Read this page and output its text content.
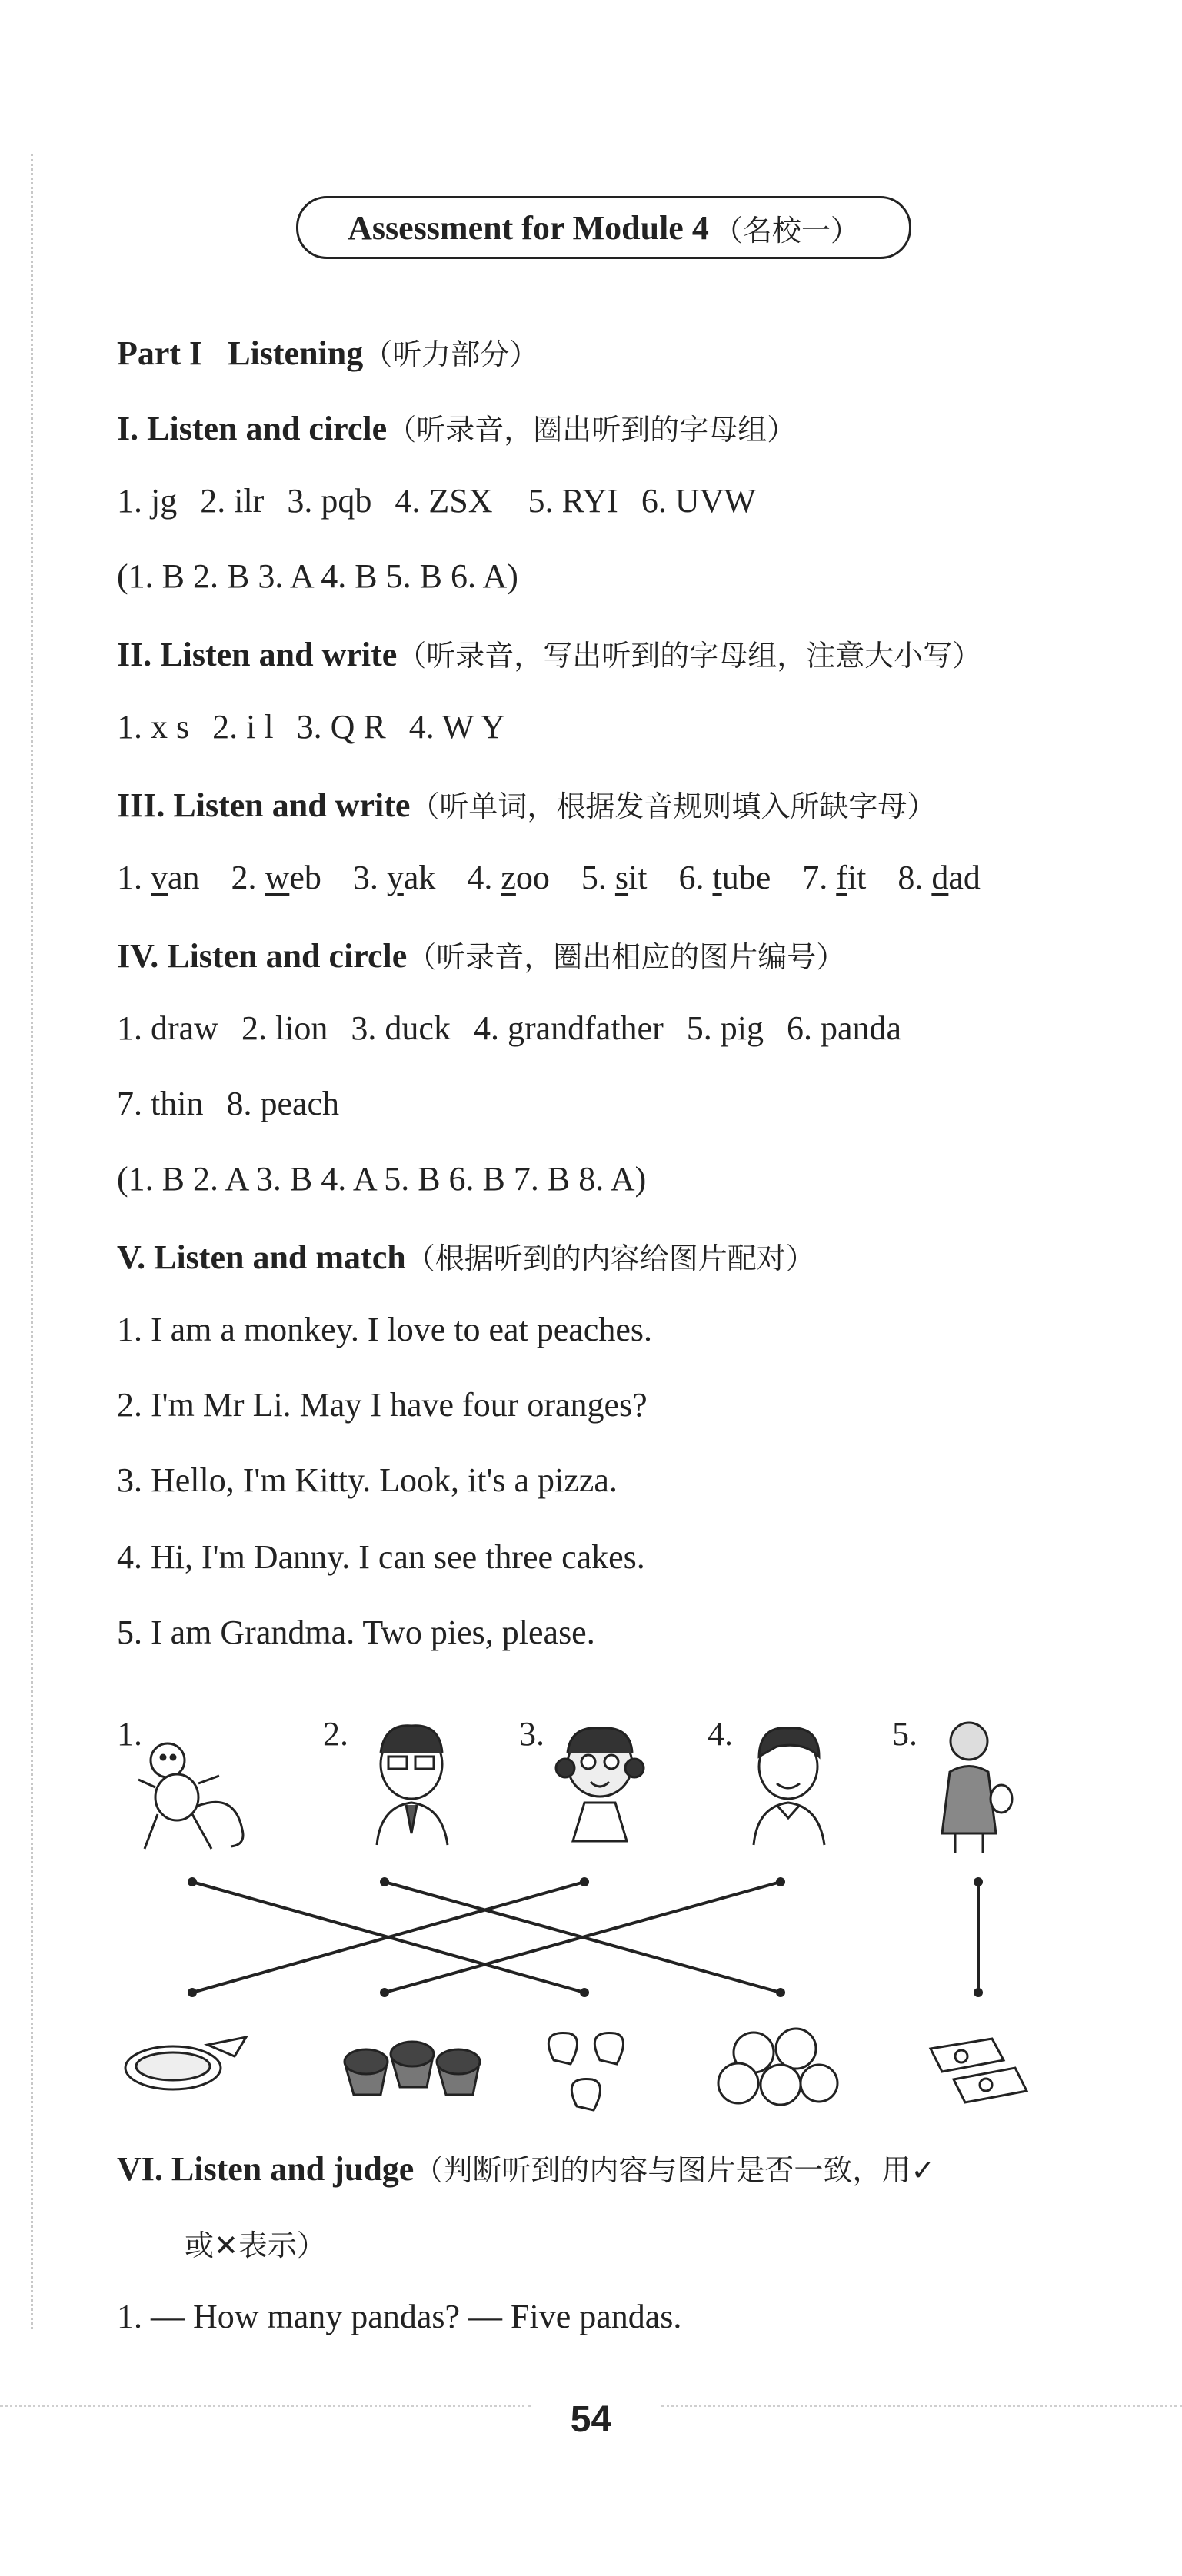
Assessment for Module 4 （名校一）
Part I Listening（听力部分）
I. Listen and circle（听录音，圈出听到的字母组）
1. jg 2. ilr 3. pqb 4. ZSX 5. RYI 6. UVW
(1. B 2. B 3. A 4. B 5. B 6. A)
II. Listen and write（听录音，写出听到的字母组，注意大小写）
1. x s 2. i l 3. Q R 4. W Y
III. Listen and write（听单词，根据发音规则填入所缺字母）
1. van 2. web 3. yak 4. zoo 5. sit 6. tube 7. fit 8. dad
IV. Listen and circle（听录音，圈出相应的图片编号）
1. draw 2. lion 3. duck 4. grandfather 5. pig 6. panda
7. thin 8. peach
(1. B 2. A 3. B 4. A 5. B 6. B 7. B 8. A)
V. Listen and match（根据听到的内容给图片配对）
1. I am a monkey. I love to eat peaches.
2. I'm Mr Li. May I have four oranges?
3. Hello, I'm Kitty. Look, it's a pizza.
4. Hi, I'm Danny. I can see three cakes.
5. I am Grandma. Two pies, please.
1.	2.	3.	4.	5.
VI. Listen and judge（判断听到的内容与图片是否一致，用✓
或✕表示）
1. — How many pandas? — Five pandas.
54
